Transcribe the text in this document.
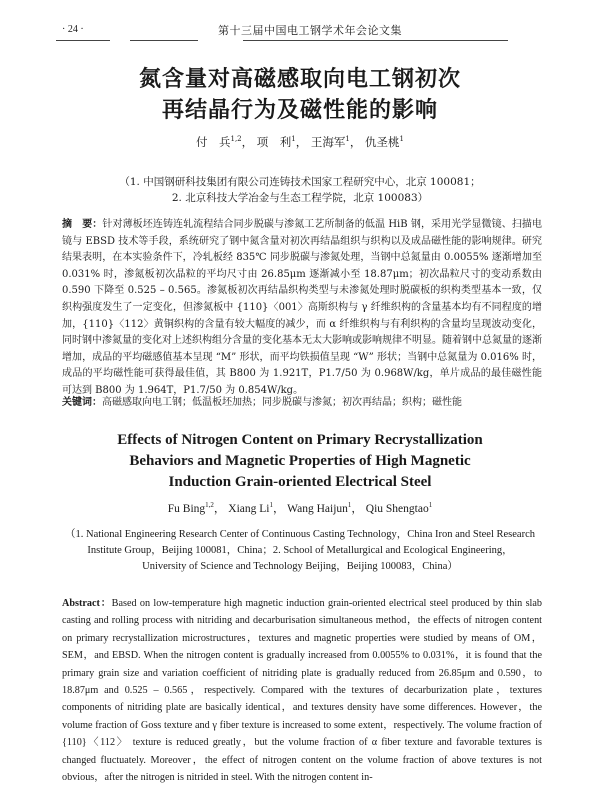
· 24 ·	第十三届中国电工钢学术年会论文集
氮含量对高磁感取向电工钢初次
再结晶行为及磁性能的影响
付　兵$^{1,2}$， 项　利$^1$， 王海军$^1$， 仇圣桃$^1$
（1. 中国钢研科技集团有限公司连铸技术国家工程研究中心，北京 100081；
2. 北京科技大学冶金与生态工程学院，北京 100083）
摘　要：针对薄板坯连铸连轧流程结合同步脱碳与渗氮工艺所制备的低温 HiB 钢，采用光学显微镜、扫描电镜与 EBSD 技术等手段，系统研究了钢中氮含量对初次再结晶组织与织构以及成品磁性能的影响规律。研究结果表明，在本实验条件下，冷轧板经 835℃ 同步脱碳与渗氮处理，当钢中总氮量由 0.0055% 逐渐增加至 0.031% 时，渗氮板初次晶粒的平均尺寸由 26.85μm 逐渐减小至 18.87μm；初次晶粒尺寸的变动系数由 0.590 下降至 0.525 – 0.565。渗氮板初次再结晶织构类型与未渗氮处理时脱碳板的织构类型基本一致，仅织构强度发生了一定变化，但渗氮板中 {110}〈001〉高斯织构与 γ 纤维织构的含量基本均有不同程度的增加，{110}〈112〉黄铜织构的含量有较大幅度的减少，而 α 纤维织构与有利织构的含量均呈现波动变化，同时钢中渗氮量的变化对上述织构组分含量的变化基本无太大影响或影响规律不明显。随着钢中总氮量的逐渐增加，成品的平均磁感值基本呈现 “M” 形状，而平均铁损值呈现 “W” 形状；当钢中总氮量为 0.016% 时，成品的平均磁性能可获得最佳值，其 B800 为 1.921T，P1.7/50 为 0.968W/kg，单片成品的最佳磁性能可达到 B800 为 1.964T，P1.7/50 为 0.854W/kg。
关键词：高磁感取向电工钢；低温板坯加热；同步脱碳与渗氮；初次再结晶；织构；磁性能
Effects of Nitrogen Content on Primary Recrystallization
Behaviors and Magnetic Properties of High Magnetic
Induction Grain-oriented Electrical Steel
Fu Bing$^{1,2}$， Xiang Li$^1$， Wang Haijun$^1$， Qiu Shengtao$^1$
（1. National Engineering Research Center of Continuous Casting Technology，China Iron and Steel Research
Institute Group，Beijing 100081，China；2. School of Metallurgical and Ecological Engineering，
University of Science and Technology Beijing，Beijing 100083，China）
Abstract：Based on low-temperature high magnetic induction grain-oriented electrical steel produced by thin slab casting and rolling process with nitriding and decarburisation simultaneous method，the effects of nitrogen content on primary recrystallization microstructures，textures and magnetic properties were studied by means of OM，SEM，and EBSD. When the nitrogen content is gradually increased from 0.0055% to 0.031%，it is found that the primary grain size and variation coefficient of nitriding plate is gradually reduced from 26.85μm and 0.590，to 18.87μm and 0.525 – 0.565，respectively. Compared with the textures of decarburization plate，textures components of nitriding plate are basically identical，and textures density have some differences. However，the volume fraction of Goss texture and γ fiber texture is increased to some extent，respectively. The volume fraction of {110}〈112〉 texture is reduced greatly，but the volume fraction of α fiber texture and favorable textures is changed fluctuately. Moreover，the effect of nitrogen content on the volume fraction of above textures is not obvious，after the nitrogen is nitrided in steel. With the nitrogen content in-
